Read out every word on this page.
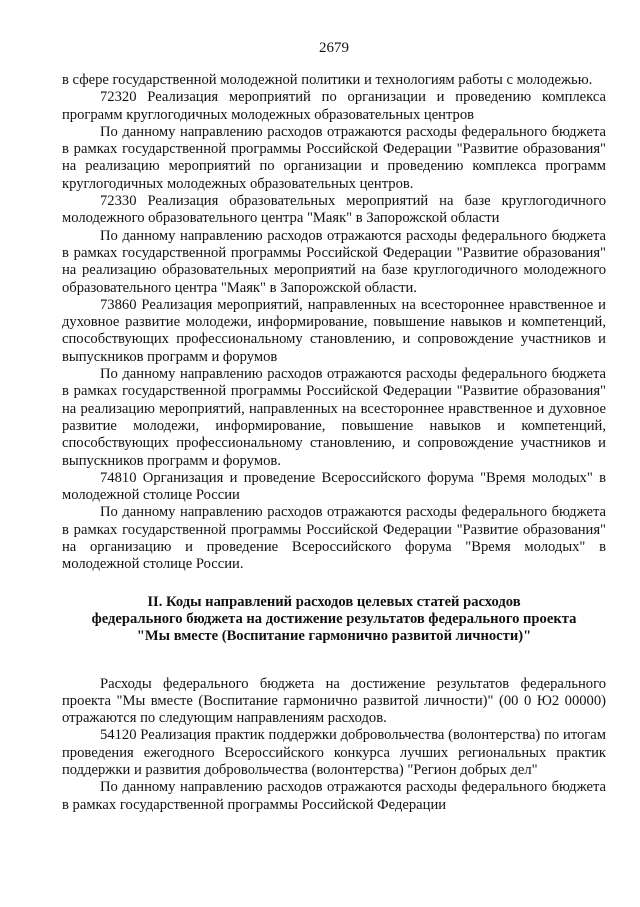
2679

в сфере государственной молодежной политики и технологиям работы с молодежью.

72320 Реализация мероприятий по организации и проведению комплекса программ круглогодичных молодежных образовательных центров

По данному направлению расходов отражаются расходы федерального бюджета в рамках государственной программы Российской Федерации "Развитие образования" на реализацию мероприятий по организации и проведению комплекса программ круглогодичных молодежных образовательных центров.

72330 Реализация образовательных мероприятий на базе круглогодичного молодежного образовательного центра "Маяк" в Запорожской области

По данному направлению расходов отражаются расходы федерального бюджета в рамках государственной программы Российской Федерации "Развитие образования" на реализацию образовательных мероприятий на базе круглогодичного молодежного образовательного центра "Маяк" в Запорожской области.

73860 Реализация мероприятий, направленных на всестороннее нравственное и духовное развитие молодежи, информирование, повышение навыков и компетенций, способствующих профессиональному становлению, и сопровождение участников и выпускников программ и форумов

По данному направлению расходов отражаются расходы федерального бюджета в рамках государственной программы Российской Федерации "Развитие образования" на реализацию мероприятий, направленных на всестороннее нравственное и духовное развитие молодежи, информирование, повышение навыков и компетенций, способствующих профессиональному становлению, и сопровождение участников и выпускников программ и форумов.

74810 Организация и проведение Всероссийского форума "Время молодых" в молодежной столице России

По данному направлению расходов отражаются расходы федерального бюджета в рамках государственной программы Российской Федерации "Развитие образования" на организацию и проведение Всероссийского форума "Время молодых" в молодежной столице России.

II. Коды направлений расходов целевых статей расходов

федерального бюджета на достижение результатов федерального проекта

"Мы вместе (Воспитание гармонично развитой личности)"

Расходы федерального бюджета на достижение результатов федерального проекта "Мы вместе (Воспитание гармонично развитой личности)" (00 0 Ю2 00000) отражаются по следующим направлениям расходов.

54120 Реализация практик поддержки добровольчества (волонтерства) по итогам проведения ежегодного Всероссийского конкурса лучших региональных практик поддержки и развития добровольчества (волонтерства) "Регион добрых дел"

По данному направлению расходов отражаются расходы федерального бюджета в рамках государственной программы Российской Федерации
